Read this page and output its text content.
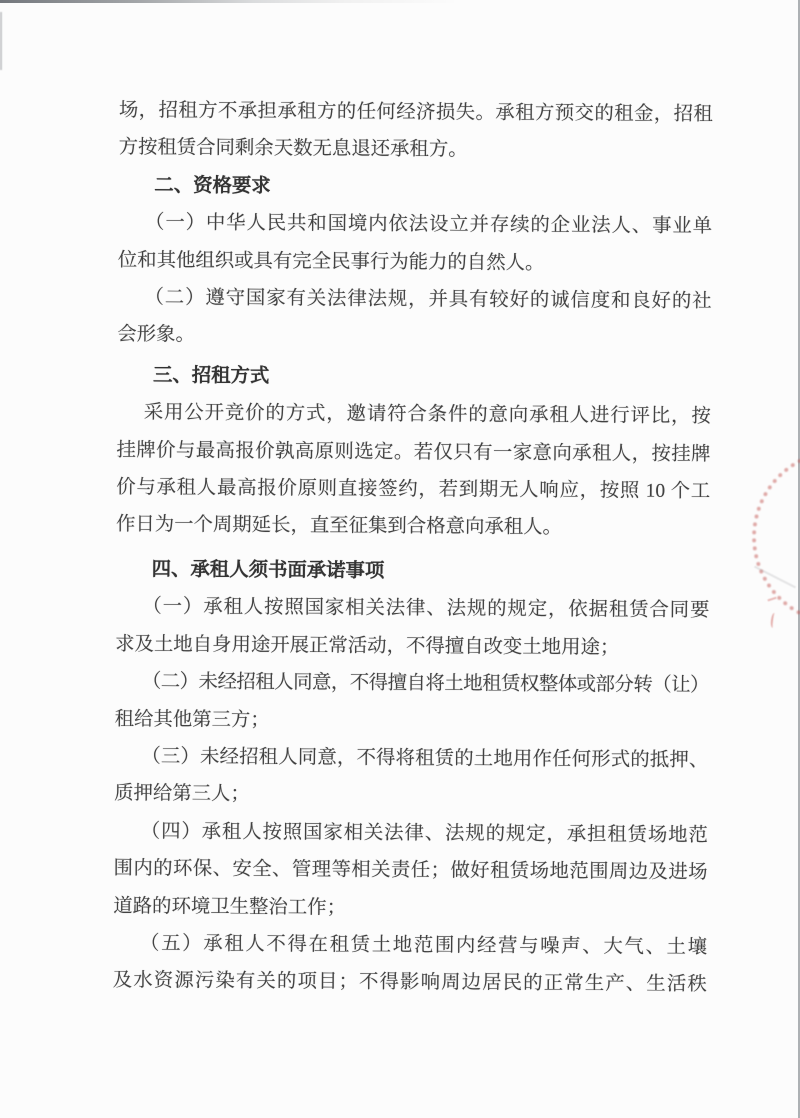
场，招租方不承担承租方的任何经济损失。承租方预交的租金，招租
方按租赁合同剩余天数无息退还承租方。
二、资格要求
（一）中华人民共和国境内依法设立并存续的企业法人、事业单
位和其他组织或具有完全民事行为能力的自然人。
（二）遵守国家有关法律法规，并具有较好的诚信度和良好的社
会形象。
三、招租方式
采用公开竞价的方式，邀请符合条件的意向承租人进行评比，按
挂牌价与最高报价孰高原则选定。若仅只有一家意向承租人，按挂牌
价与承租人最高报价原则直接签约，若到期无人响应，按照 10 个工
作日为一个周期延长，直至征集到合格意向承租人。
四、承租人须书面承诺事项
（一）承租人按照国家相关法律、法规的规定，依据租赁合同要
求及土地自身用途开展正常活动，不得擅自改变土地用途；
（二）未经招租人同意，不得擅自将土地租赁权整体或部分转（让）
租给其他第三方；
（三）未经招租人同意，不得将租赁的土地用作任何形式的抵押、
质押给第三人；
（四）承租人按照国家相关法律、法规的规定，承担租赁场地范
围内的环保、安全、管理等相关责任；做好租赁场地范围周边及进场
道路的环境卫生整治工作；
（五）承租人不得在租赁土地范围内经营与噪声、大气、土壤
及水资源污染有关的项目；不得影响周边居民的正常生产、生活秩
